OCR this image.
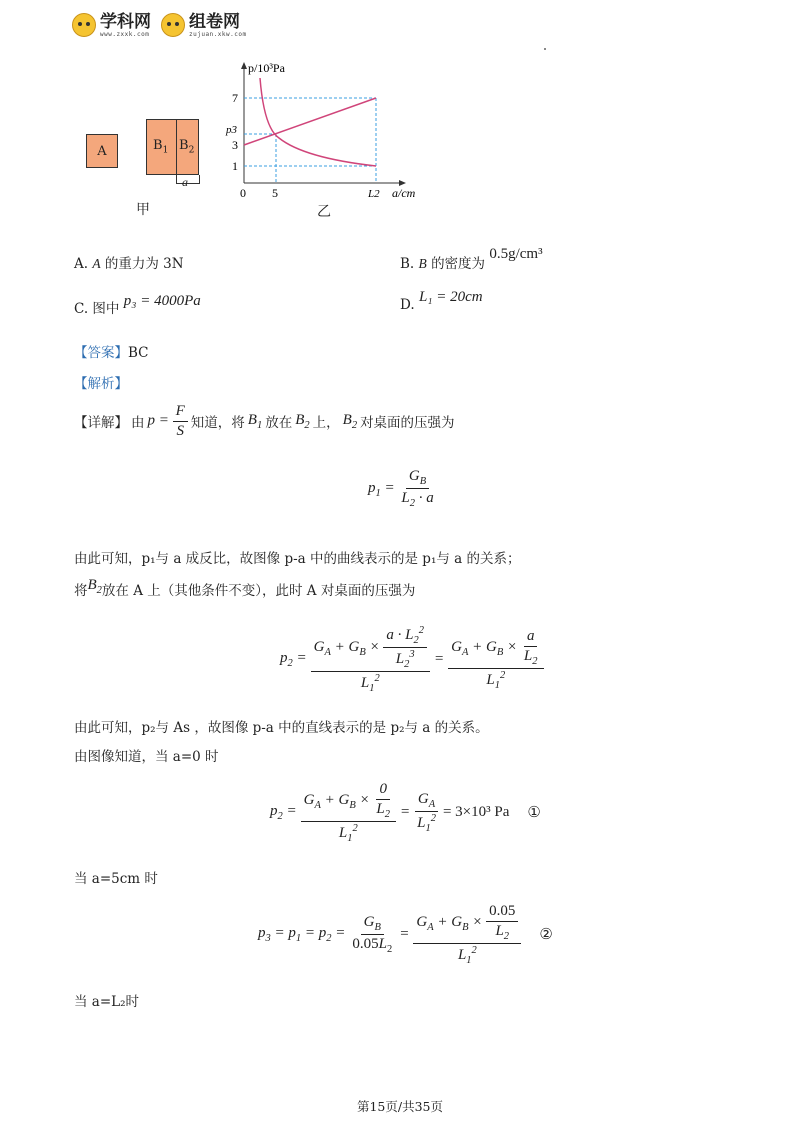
学科网
www.zxxk.com
组卷网
zujuan.xkw.com
A	$B_1$ $B_2$
a
甲
p/10³Pa
7
p3
3
1
0 5	L2 a/cm
乙
A. A 的重力为 3N	B. B 的密度为 0.5g/cm³
C. 图中 p₃ = 4000Pa	D. L₁ = 20cm
【答案】BC
【解析】
【详解】 由 $p = \frac{F}{S}$ 知道，将 $B_1$ 放在 $B_2$ 上， $B_2$ 对桌面的压强为
$p_1 = \frac{G_B}{L_2 \cdot a}$
由此可知，p₁与 a 成反比，故图像 p-a 中的曲线表示的是 p₁与 a 的关系；
将$B_2$放在 A 上（其他条件不变），此时 A 对桌面的压强为
$p_2 = \frac{G_A + G_B \times \frac{a \cdot L_2^2}{L_2^3}}{L_1^2} = \frac{G_A + G_B \times \frac{a}{L_2}}{L_1^2}$
由此可知，p₂与 As ，故图像 p-a 中的直线表示的是 p₂与 a 的关系。
由图像知道，当 a=0 时
$p_2 = \frac{G_A + G_B \times \frac{0}{L_2}}{L_1^2} = \frac{G_A}{L_1^2} = 3\times 10^3$ Pa ①
当 a=5cm 时
$p_3 = p_1 = p_2 = \frac{G_B}{0.05L_2} = \frac{G_A + G_B \times \frac{0.05}{L_2}}{L_1^2}$ ②
当 a=L₂时
第15页/共35页
